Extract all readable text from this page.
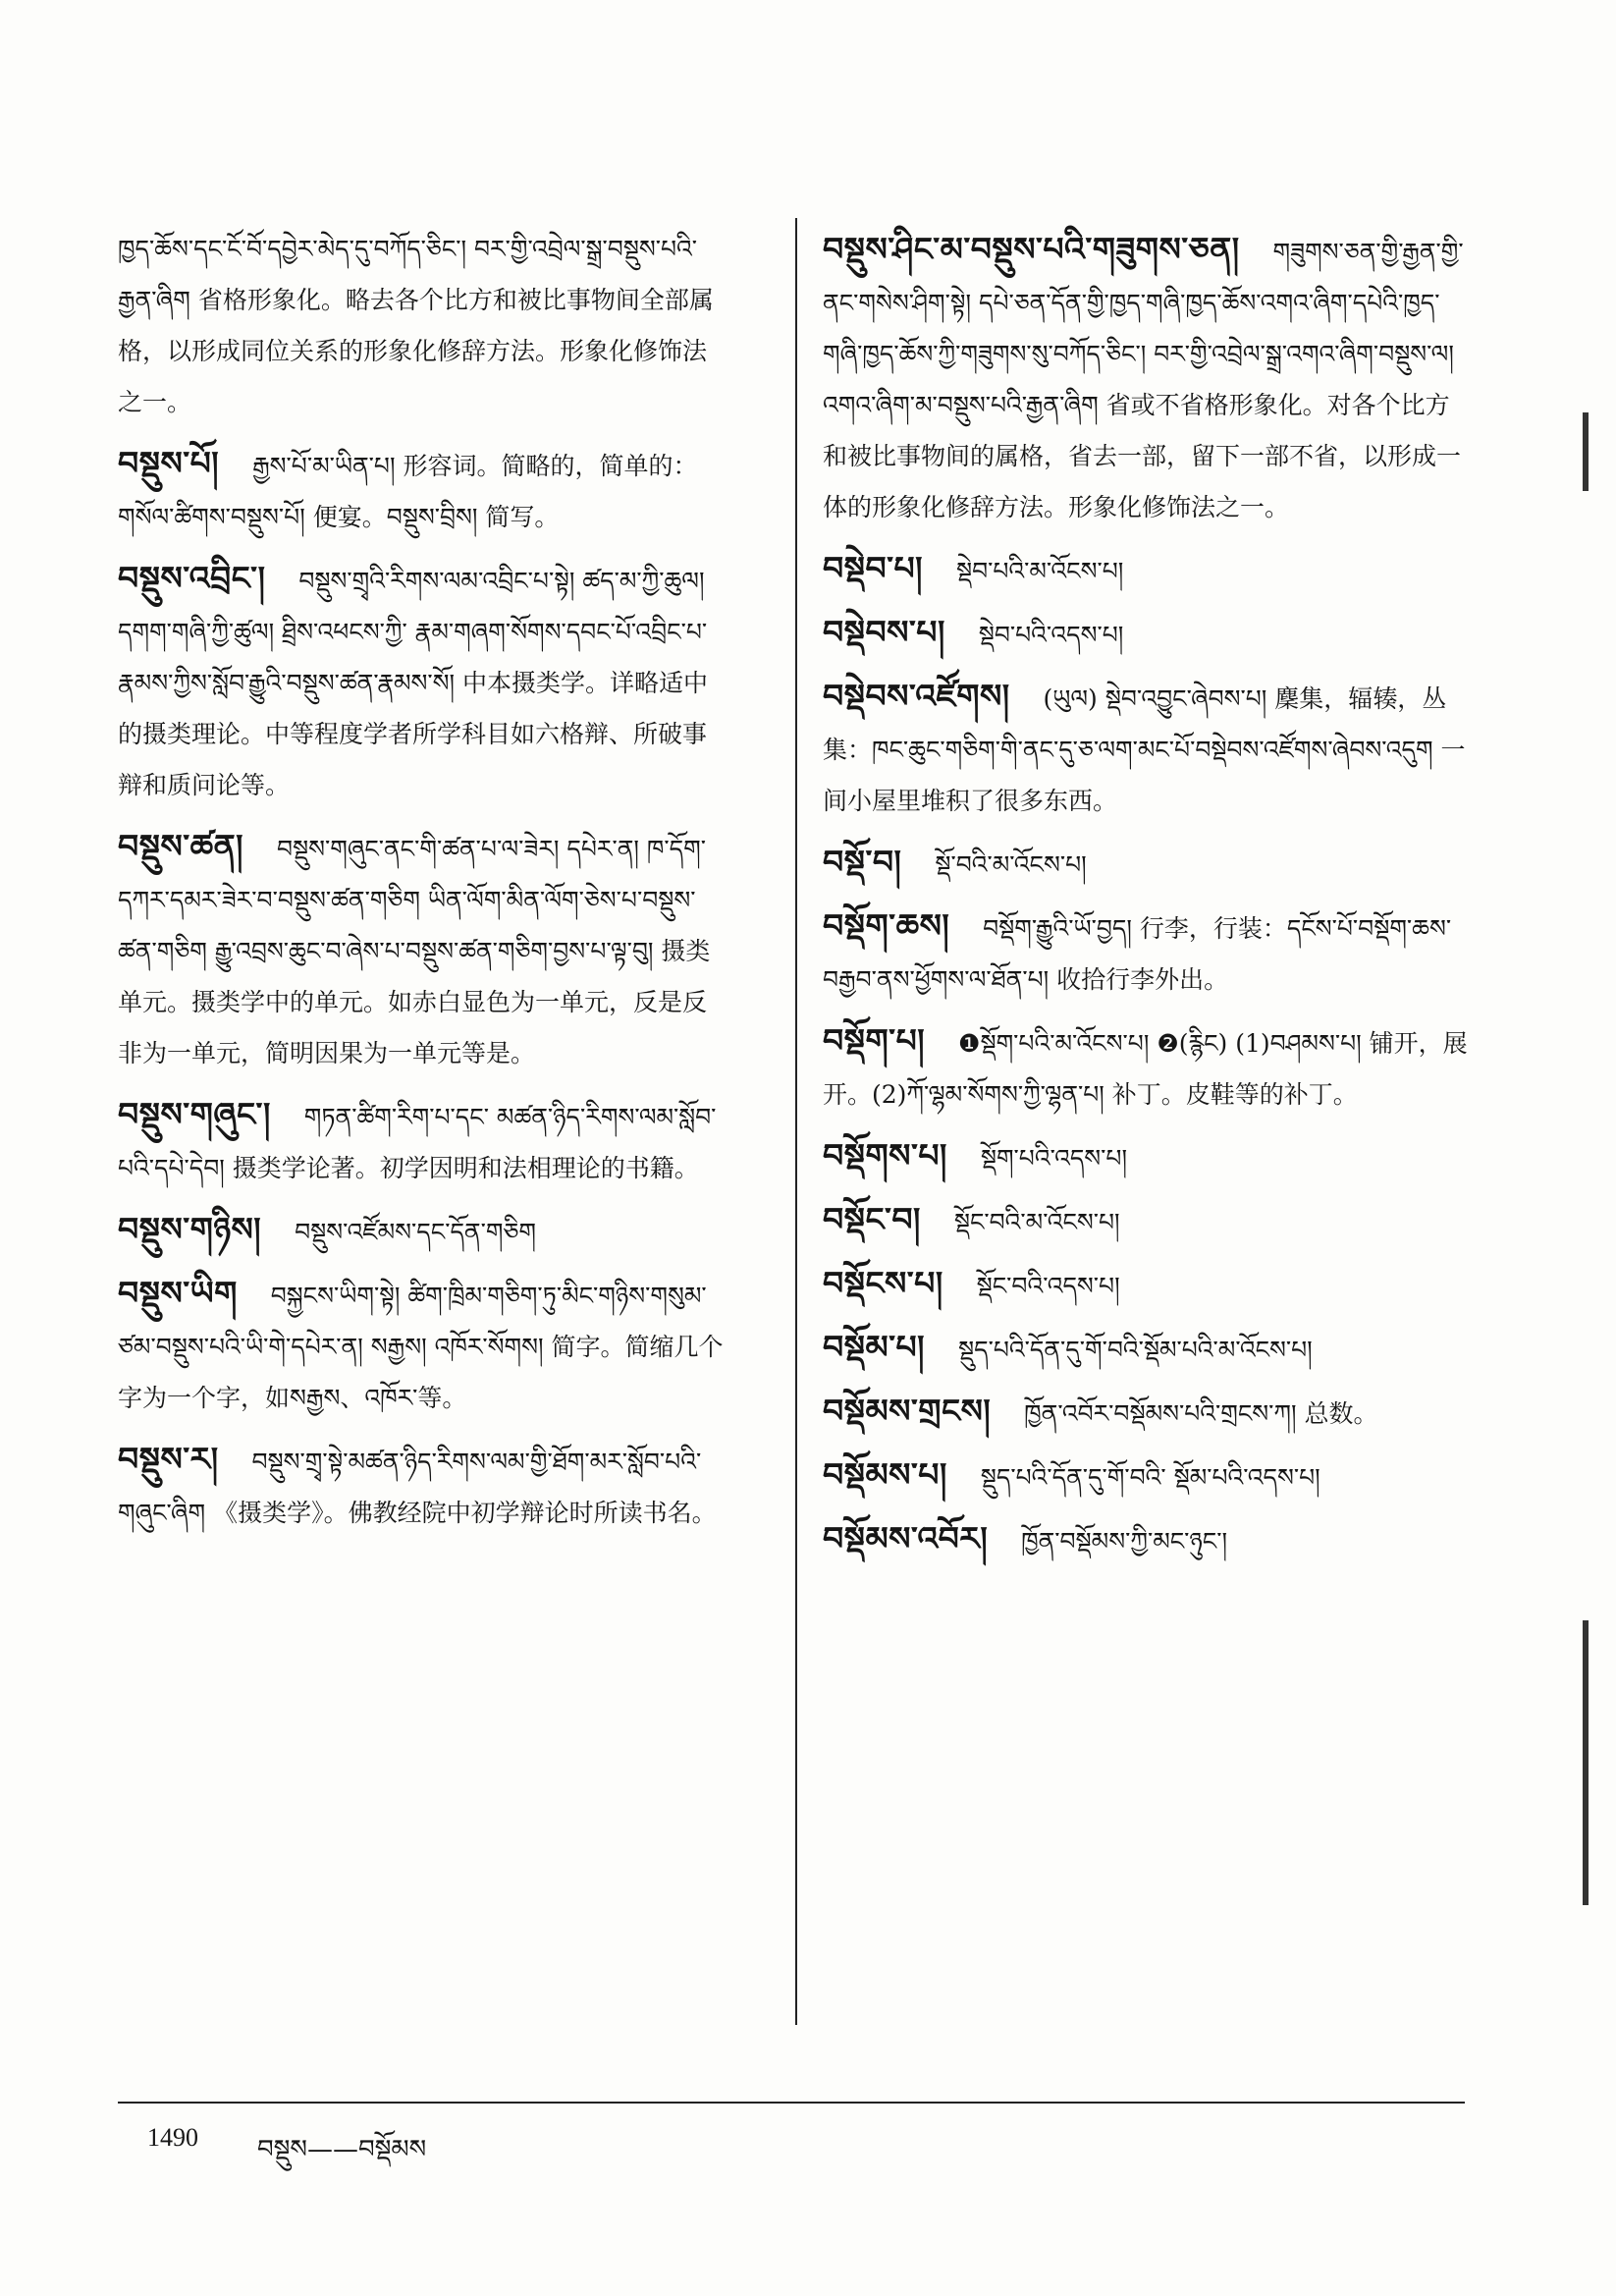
ཁྱད་ཆོས་དང་ངོ་བོ་དབྱེར་མེད་དུ་བཀོད་ཅིང་། བར་གྱི་འབྲེལ་སྒྲ་བསྡུས་པའི་རྒྱན་ཞིག 省格形象化。略去各个比方和被比事物间全部属格，以形成同位关系的形象化修辞方法。形象化修饰法之一。
བསྡུས་པོ། རྒྱས་པོ་མ་ཡིན་པ། 形容词。简略的，简单的：གསོལ་ཚིགས་བསྡུས་པོ། 便宴。བསྡུས་བྲིས། 简写。
བསྡུས་འབྲིང་། བསྡུས་གྲྭའི་རིགས་ལམ་འབྲིང་པ་སྟེ། ཚད་མ་ཀྱི་ཆུལ། དགག་གཞི་ཀྱི་ཚུལ། ཐྲིས་འཕངས་ཀྱི་ རྣམ་གཞག་སོགས་དབང་པོ་འབྲིང་པ་རྣམས་ཀྱིས་སློབ་རྒྱུའི་བསྡུས་ཚན་རྣམས་སོ། 中本摄类学。详略适中的摄类理论。中等程度学者所学科目如六格辩、所破事辩和质问论等。
བསྡུས་ཚན། བསྡུས་གཞུང་ནང་གི་ཚན་པ་ལ་ཟེར། དཔེར་ན། ཁ་དོག་དཀར་དམར་ཟེར་བ་བསྡུས་ཚན་གཅིག ཡིན་ལོག་མིན་ལོག་ཅེས་པ་བསྡུས་ཚན་གཅིག རྒྱུ་འབྲས་ཆུང་བ་ཞེས་པ་བསྡུས་ཚན་གཅིག་བྱས་པ་ལྟ་བུ། 摄类单元。摄类学中的单元。如赤白显色为一单元，反是反非为一单元，简明因果为一单元等是。
བསྡུས་གཞུང་། གཏན་ཚིག་རིག་པ་དང་ མཚན་ཉིད་རིགས་ལམ་སློབ་པའི་དཔེ་དེབ། 摄类学论著。初学因明和法相理论的书籍。
བསྡུས་གཉིས། བསྡུས་འཛོམས་དང་དོན་གཅིག
བསྡུས་ཡིག བསྐྱངས་ཡིག་སྟེ། ཚིག་ཁྲིམ་གཅིག་ཏུ་མིང་གཉིས་གསུམ་ཙམ་བསྡུས་པའི་ཡི་གེ་དཔེར་ན། སརྒྱས། འཁོར་སོགས། 简字。简缩几个字为一个字，如སརྒྱས、འཁོར་等。
བསྡུས་ར། བསྡུས་གྲྭ་སྟེ་མཚན་ཉིད་རིགས་ལམ་གྱི་ཐོག་མར་སློབ་པའི་གཞུང་ཞིག 《摄类学》。佛教经院中初学辩论时所读书名。
བསྡུས་ཤིང་མ་བསྡུས་པའི་གཟུགས་ཅན། གཟུགས་ཅན་གྱི་རྒྱན་གྱི་ནང་གསེས་ཤིག་སྟེ། དཔེ་ཅན་དོན་གྱི་ཁྱད་གཞི་ཁྱད་ཆོས་འགའ་ཞིག་དཔེའི་ཁྱད་གཞི་ཁྱད་ཆོས་ཀྱི་གཟུགས་སུ་བཀོད་ཅིང་། བར་གྱི་འབྲེལ་སྒྲ་འགའ་ཞིག་བསྡུས་ལ། འགའ་ཞིག་མ་བསྡུས་པའི་རྒྱན་ཞིག 省或不省格形象化。对各个比方和被比事物间的属格，省去一部，留下一部不省，以形成一体的形象化修辞方法。形象化修饰法之一。
བསྡེབ་པ། སྡེབ་པའི་མ་འོངས་པ།
བསྡེབས་པ། སྡེབ་པའི་འདས་པ།
བསྡེབས་འཛོགས། (ཡུལ) སྡེབ་འབྱུང་ཞེབས་པ། 麇集，辐辏，丛集：ཁང་ཆུང་གཅིག་གི་ནང་དུ་ཅ་ལག་མང་པོ་བསྡེབས་འཛོགས་ཞེབས་འདུག 一间小屋里堆积了很多东西。
བསྡོ་བ། སྡོ་བའི་མ་འོངས་པ།
བསྡོག་ཆས། བསྡོག་རྒྱུའི་ཡོ་བྱད། 行李，行装：དངོས་པོ་བསྡོག་ཆས་བརྒྱབ་ནས་ཕྱོགས་ལ་ཐོན་པ། 收拾行李外出。
བསྡོག་པ། ❶སྡོག་པའི་མ་འོངས་པ། ❷(རྙིང) (1)བཤམས་པ། 铺开，展开。(2)ཀོ་ལྷམ་སོགས་ཀྱི་ལྷན་པ། 补丁。皮鞋等的补丁。
བསྡོགས་པ། སྡོག་པའི་འདས་པ།
བསྡོང་བ། སྡོང་བའི་མ་འོངས་པ།
བསྡོངས་པ། སྡོང་བའི་འདས་པ།
བསྡོམ་པ། སྡུད་པའི་དོན་དུ་གོ་བའི་སྡོམ་པའི་མ་འོངས་པ།
བསྡོམས་གྲངས། ཁྱོན་འབོར་བསྡོམས་པའི་གྲངས་ཀ། 总数。
བསྡོམས་པ། སྡུད་པའི་དོན་དུ་གོ་བའི་ སྡོམ་པའི་འདས་པ།
བསྡོམས་འབོར། ཁྱོན་བསྡོམས་ཀྱི་མང་ཉུང་།
1490 བསྡུས——བསྡོམས
